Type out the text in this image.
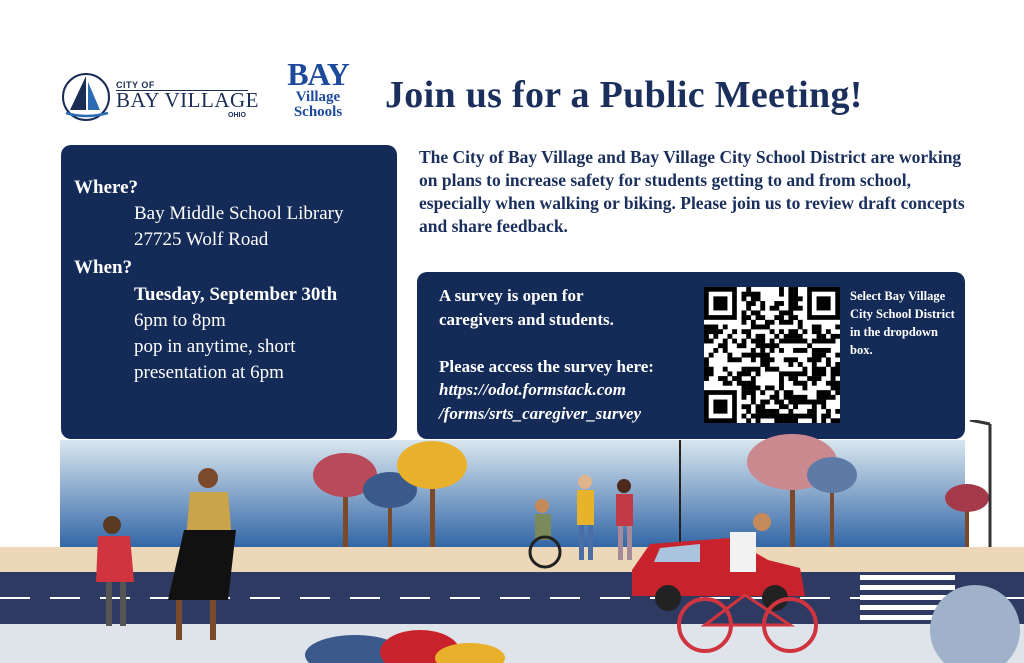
CITY OF
BAY VILLAGE
OHIO
BAY
Village
Schools Join us for a Public Meeting!
Where?
Bay Middle School Library
27725 Wolf Road
When?
Tuesday, September 30th
6pm to 8pm
pop in anytime, short
presentation at 6pm
The City of Bay Village and Bay Village City School District are working on plans to increase safety for students getting to and from school, especially when walking or biking. Please join us to review draft concepts and share feedback.
A survey is open for
caregivers and students.
Please access the survey here:
https://odot.formstack.com
/forms/srts_caregiver_survey
Select Bay Village City School District in the dropdown box.
